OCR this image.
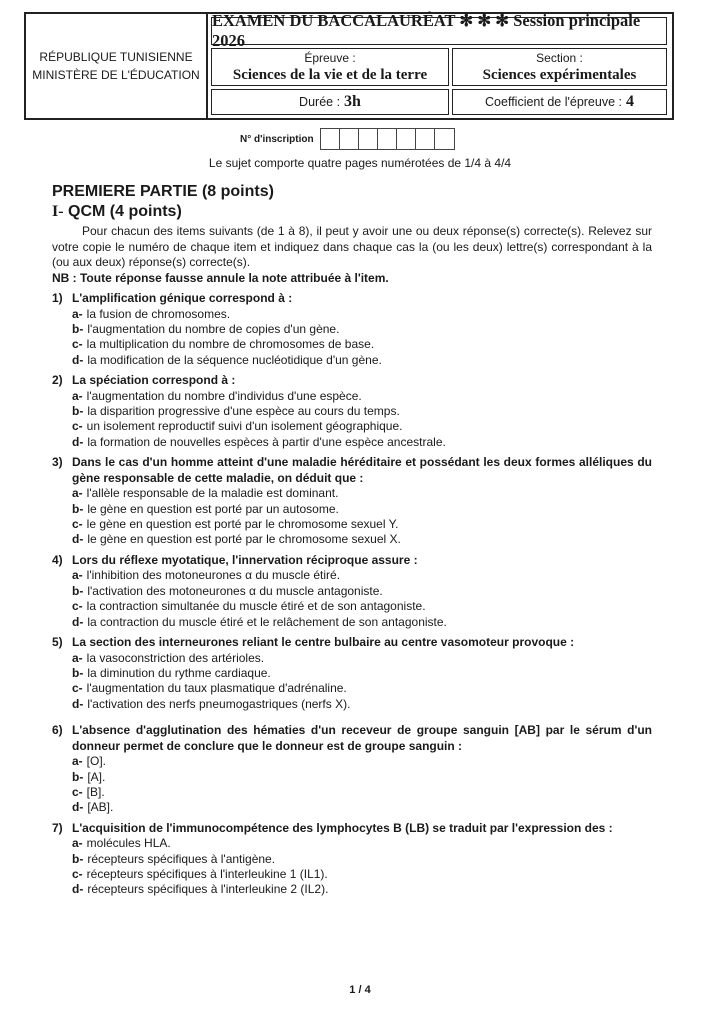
RÉPUBLIQUE TUNISIENNE
MINISTÈRE DE L'ÉDUCATION
EXAMEN DU BACCALAURÉAT ✻ ✻ ✻ Session principale 2026
Épreuve :
Sciences de la vie et de la terre
Section :
Sciences expérimentales
Durée : 3h	Coefficient de l'épreuve : 4
N° d'inscription
Le sujet comporte quatre pages numérotées de 1/4 à 4/4

PREMIERE PARTIE (8 points)

I- QCM (4 points)

Pour chacun des items suivants (de 1 à 8), il peut y avoir une ou deux réponse(s) correcte(s). Relevez sur votre copie le numéro de chaque item et indiquez dans chaque cas la (ou les deux) lettre(s) correspondant à la (ou aux deux) réponse(s) correcte(s).

NB : Toute réponse fausse annule la note attribuée à l'item.

1) L'amplification génique correspond à :

a- la fusion de chromosomes.

b- l'augmentation du nombre de copies d'un gène.

c- la multiplication du nombre de chromosomes de base.

d- la modification de la séquence nucléotidique d'un gène.

2) La spéciation correspond à :

a- l'augmentation du nombre d'individus d'une espèce.

b- la disparition progressive d'une espèce au cours du temps.

c- un isolement reproductif suivi d'un isolement géographique.

d- la formation de nouvelles espèces à partir d'une espèce ancestrale.

3) Dans le cas d'un homme atteint d'une maladie héréditaire et possédant les deux formes alléliques du gène responsable de cette maladie, on déduit que :

a- l'allèle responsable de la maladie est dominant.

b- le gène en question est porté par un autosome.

c- le gène en question est porté par le chromosome sexuel Y.

d- le gène en question est porté par le chromosome sexuel X.

4) Lors du réflexe myotatique, l'innervation réciproque assure :

a- l'inhibition des motoneurones α du muscle étiré.

b- l'activation des motoneurones α du muscle antagoniste.

c- la contraction simultanée du muscle étiré et de son antagoniste.

d- la contraction du muscle étiré et le relâchement de son antagoniste.

5) La section des interneurones reliant le centre bulbaire au centre vasomoteur provoque :

a- la vasoconstriction des artérioles.

b- la diminution du rythme cardiaque.

c- l'augmentation du taux plasmatique d'adrénaline.

d- l'activation des nerfs pneumogastriques (nerfs X).

6) L'absence d'agglutination des hématies d'un receveur de groupe sanguin [AB] par le sérum d'un donneur permet de conclure que le donneur est de groupe sanguin :

a- [O].

b- [A].

c- [B].

d- [AB].

7) L'acquisition de l'immunocompétence des lymphocytes B (LB) se traduit par l'expression des :

a- molécules HLA.

b- récepteurs spécifiques à l'antigène.

c- récepteurs spécifiques à l'interleukine 1 (IL1).

d- récepteurs spécifiques à l'interleukine 2 (IL2).

1 / 4
